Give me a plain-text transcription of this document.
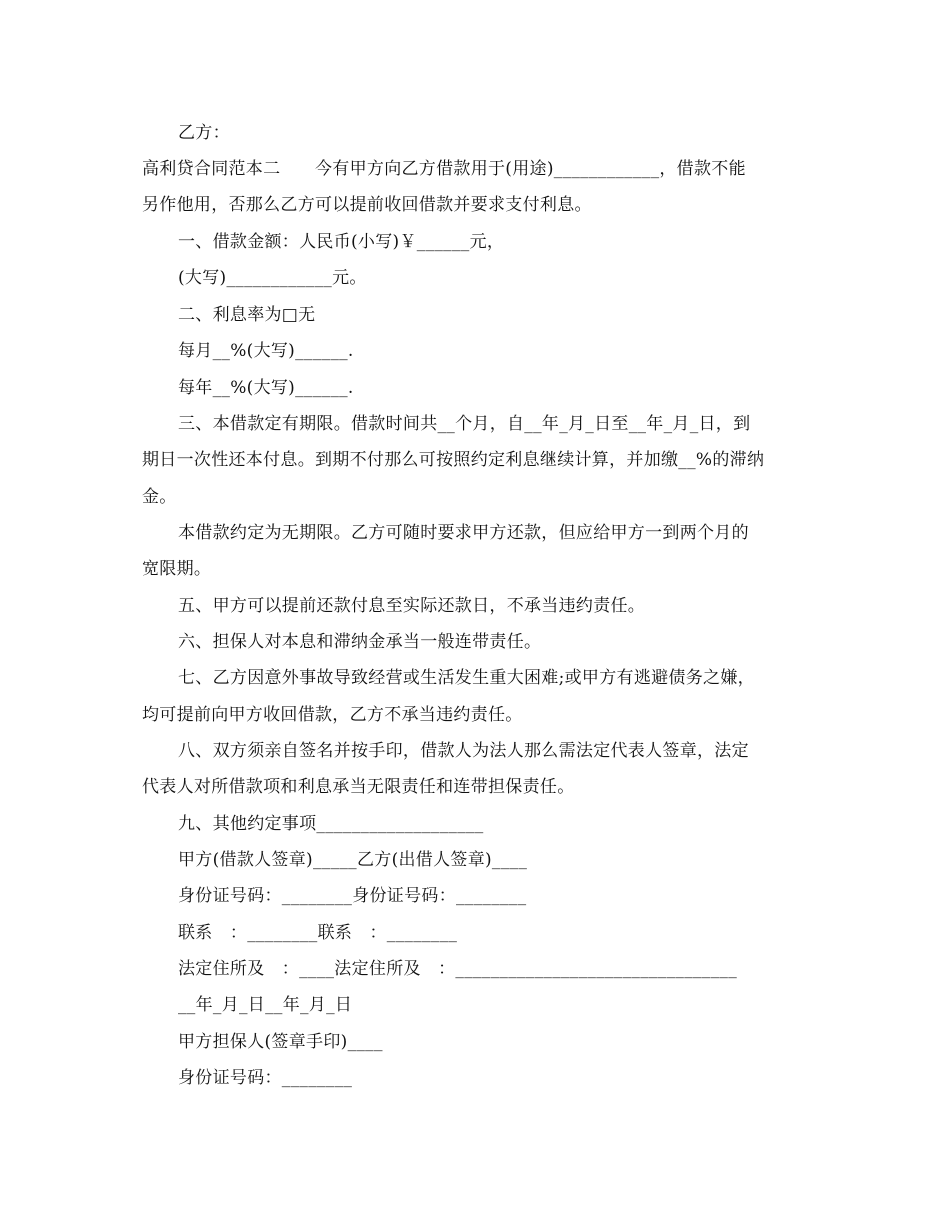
乙方：
高利贷合同范本二　　今有甲方向乙方借款用于(用途)____________，借款不能
另作他用，否那么乙方可以提前收回借款并要求支付利息。
一、借款金额：人民币(小写)￥______元，
(大写)____________元。
二、利息率为□无
每月__%(大写)______.
每年__%(大写)______.
三、本借款定有期限。借款时间共__个月，自__年_月_日至__年_月_日，到
期日一次性还本付息。到期不付那么可按照约定利息继续计算，并加缴__%的滞纳
金。
本借款约定为无期限。乙方可随时要求甲方还款，但应给甲方一到两个月的
宽限期。
五、甲方可以提前还款付息至实际还款日，不承当违约责任。
六、担保人对本息和滞纳金承当一般连带责任。
七、乙方因意外事故导致经营或生活发生重大困难;或甲方有逃避债务之嫌，
均可提前向甲方收回借款，乙方不承当违约责任。
八、双方须亲自签名并按手印，借款人为法人那么需法定代表人签章，法定
代表人对所借款项和利息承当无限责任和连带担保责任。
九、其他约定事项___________________
甲方(借款人签章)_____乙方(出借人签章)____
身份证号码：________身份证号码：________
联系　：________联系　：________
法定住所及　：____法定住所及　：________________________________
__年_月_日__年_月_日
甲方担保人(签章手印)____
身份证号码：________
